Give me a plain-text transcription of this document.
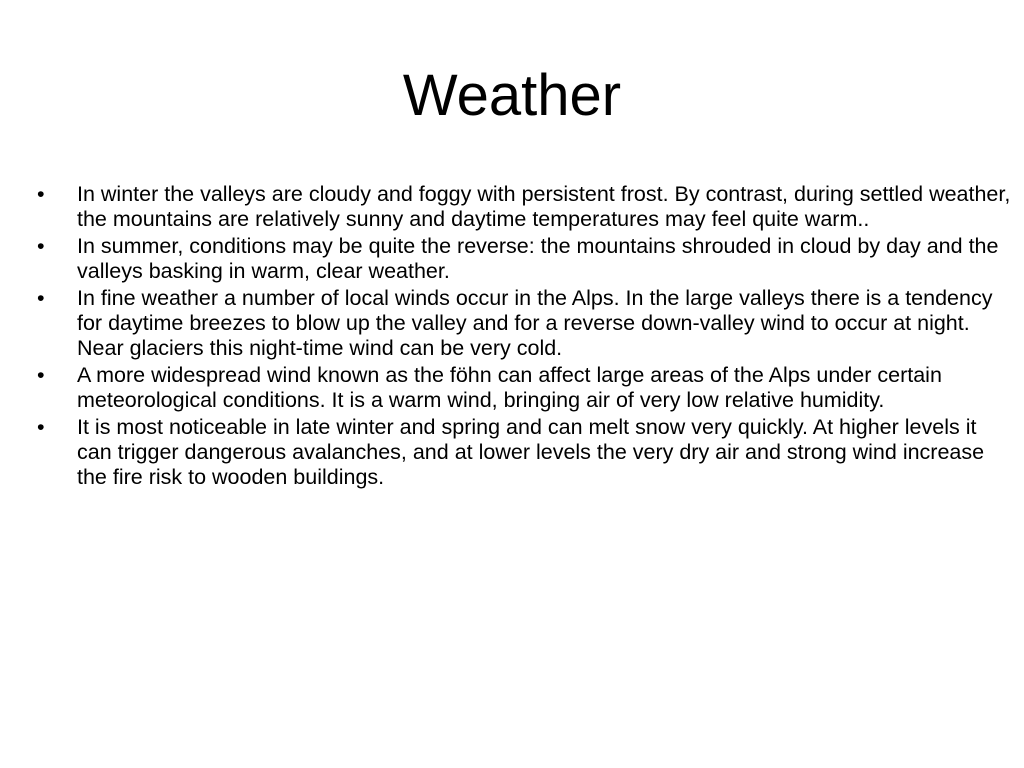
Weather
• In winter the valleys are cloudy and foggy with persistent frost. By contrast, during settled weather, the mountains are relatively sunny and daytime temperatures may feel quite warm..
• In summer, conditions may be quite the reverse: the mountains shrouded in cloud by day and the valleys basking in warm, clear weather.
• In fine weather a number of local winds occur in the Alps. In the large valleys there is a tendency for daytime breezes to blow up the valley and for a reverse down-valley wind to occur at night. Near glaciers this night-time wind can be very cold.
• A more widespread wind known as the föhn can affect large areas of the Alps under certain meteorological conditions. It is a warm wind, bringing air of very low relative humidity.
• It is most noticeable in late winter and spring and can melt snow very quickly. At higher levels it can trigger dangerous avalanches, and at lower levels the very dry air and strong wind increase the fire risk to wooden buildings.
